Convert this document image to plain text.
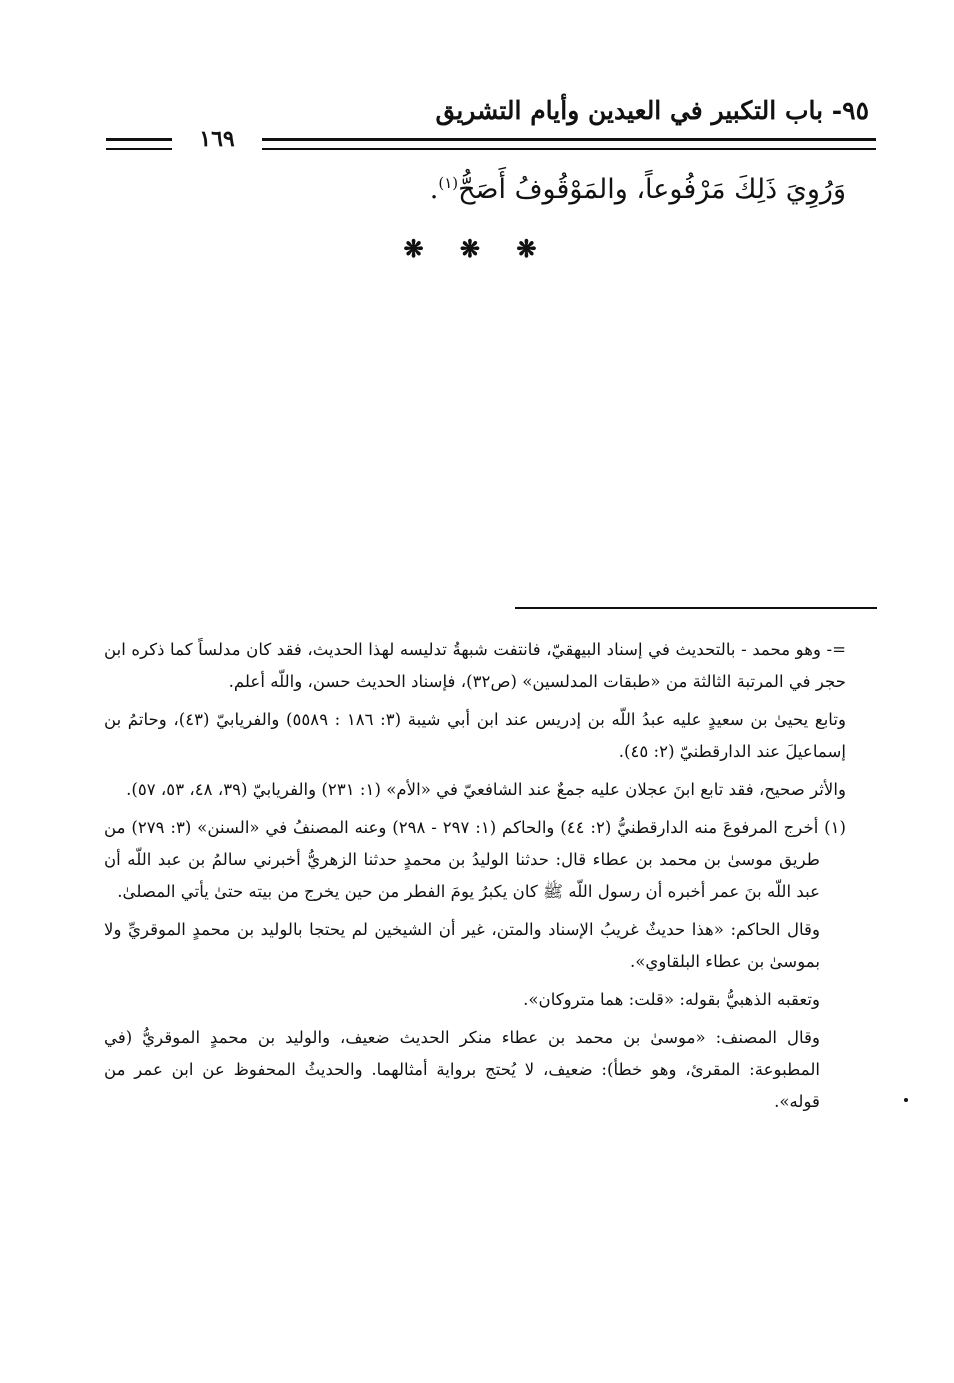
٩٥- باب التكبير في العيدين وأيام التشريق
١٦٩
وَرُوِيَ ذَلِكَ مَرْفُوعاً، والمَوْقُوفُ أَصَحُّ$^{(١)}$.
❋ ❋ ❋

=- وهو محمد - بالتحديث في إسناد البيهقيّ، فانتفت شبهةُ تدليسه لهذا الحديث، فقد كان مدلساً كما ذكره ابن حجر في المرتبة الثالثة من «طبقات المدلسين» (ص٣٢)، فإسناد الحديث حسن، واللّه أعلم.

وتابع يحيىٰ بن سعيدٍ عليه عبدُ اللّه بن إدريس عند ابن أبي شيبة (٣: ١٨٦ : ٥٥٨٩) والفريابيّ (٤٣)، وحاتمُ بن إسماعيلَ عند الدارقطنيّ (٢: ٤٥).

والأثر صحيح، فقد تابع ابنَ عجلان عليه جمعٌ عند الشافعيّ في «الأم» (١: ٢٣١) والفريابيّ (٣٩، ٤٨، ٥٣، ٥٧).

(١) أخرج المرفوعَ منه الدارقطنيُّ (٢: ٤٤) والحاكم (١: ٢٩٧ - ٢٩٨) وعنه المصنفُ في «السنن» (٣: ٢٧٩) من طريق موسىٰ بن محمد بن عطاء قال: حدثنا الوليدُ بن محمدٍ حدثنا الزهريُّ أخبرني سالمُ بن عبد اللّه أن عبد اللّه بنَ عمر أخبره أن رسول اللّه ﷺ كان يكبرُ يومَ الفطر من حين يخرج من بيته حتىٰ يأتي المصلىٰ.

وقال الحاكم: «هذا حديثٌ غريبُ الإسناد والمتن، غير أن الشيخين لم يحتجا بالوليد بن محمدٍ الموقريِّ ولا بموسىٰ بن عطاء البلقاوي».

وتعقبه الذهبيُّ بقوله: «قلت: هما متروكان».

وقال المصنف: «موسىٰ بن محمد بن عطاء منكر الحديث ضعيف، والوليد بن محمدٍ الموقريُّ (في المطبوعة: المقرئ، وهو خطأ): ضعيف، لا يُحتج برواية أمثالهما. والحديثُ المحفوظ عن ابن عمر من قوله».
